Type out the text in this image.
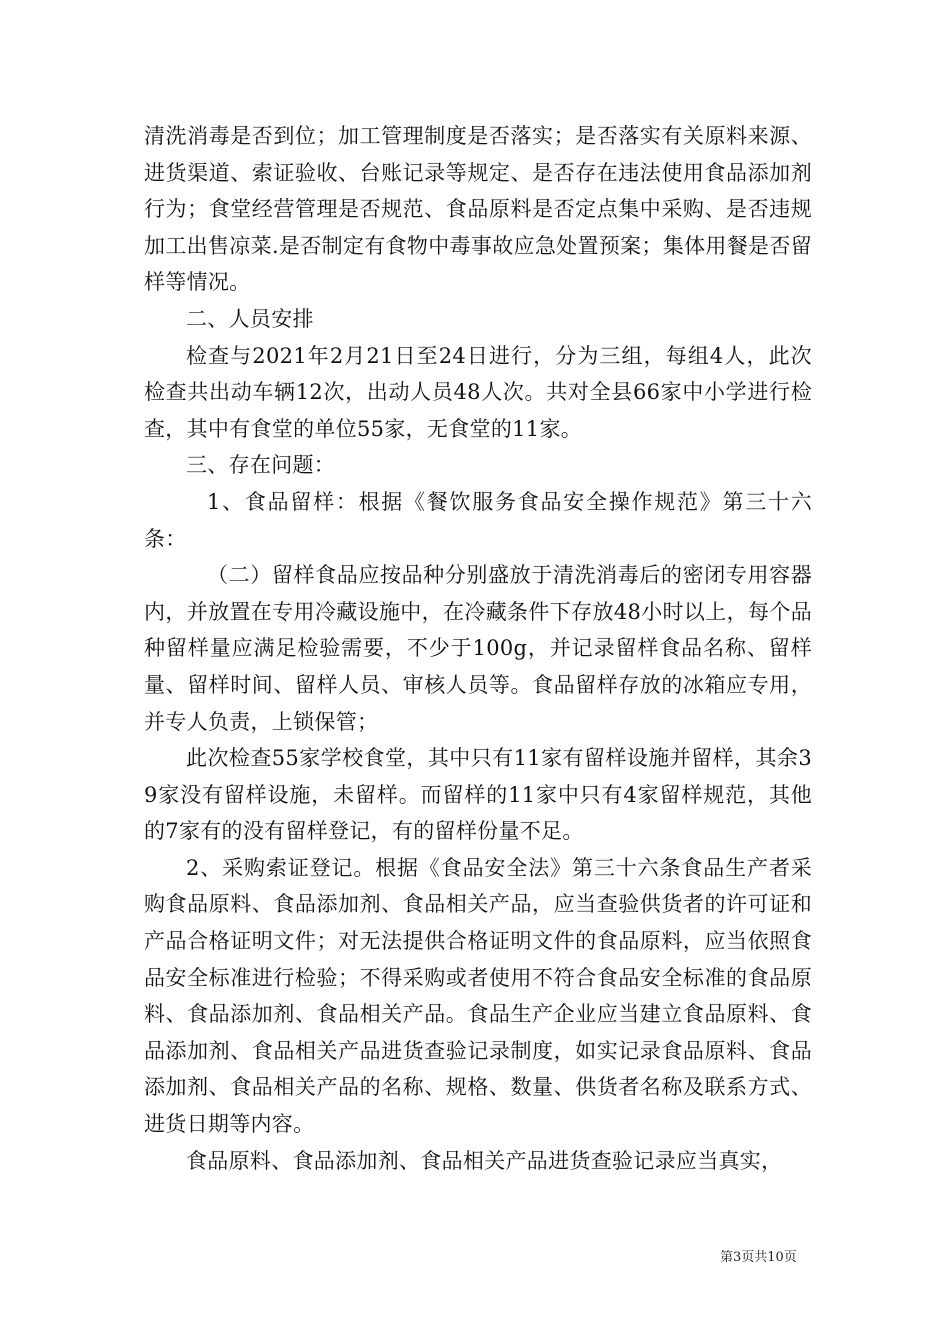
清洗消毒是否到位；加工管理制度是否落实；是否落实有关原料来源、进货渠道、索证验收、台账记录等规定、是否存在违法使用食品添加剂行为；食堂经营管理是否规范、食品原料是否定点集中采购、是否违规加工出售凉菜.是否制定有食物中毒事故应急处置预案；集体用餐是否留样等情况。

二、人员安排

检查与2021年2月21日至24日进行，分为三组，每组4人，此次检查共出动车辆12次，出动人员48人次。共对全县66家中小学进行检查，其中有食堂的单位55家，无食堂的11家。

三、存在问题：

1、食品留样：根据《餐饮服务食品安全操作规范》第三十六条：

（二）留样食品应按品种分别盛放于清洗消毒后的密闭专用容器内，并放置在专用冷藏设施中，在冷藏条件下存放48小时以上，每个品种留样量应满足检验需要，不少于100g，并记录留样食品名称、留样量、留样时间、留样人员、审核人员等。食品留样存放的冰箱应专用，并专人负责，上锁保管；

此次检查55家学校食堂，其中只有11家有留样设施并留样，其余39家没有留样设施，未留样。而留样的11家中只有4家留样规范，其他的7家有的没有留样登记，有的留样份量不足。

2、采购索证登记。根据《食品安全法》第三十六条食品生产者采购食品原料、食品添加剂、食品相关产品，应当查验供货者的许可证和产品合格证明文件；对无法提供合格证明文件的食品原料，应当依照食品安全标准进行检验；不得采购或者使用不符合食品安全标准的食品原料、食品添加剂、食品相关产品。食品生产企业应当建立食品原料、食品添加剂、食品相关产品进货查验记录制度，如实记录食品原料、食品添加剂、食品相关产品的名称、规格、数量、供货者名称及联系方式、进货日期等内容。

食品原料、食品添加剂、食品相关产品进货查验记录应当真实，

第3页共10页
